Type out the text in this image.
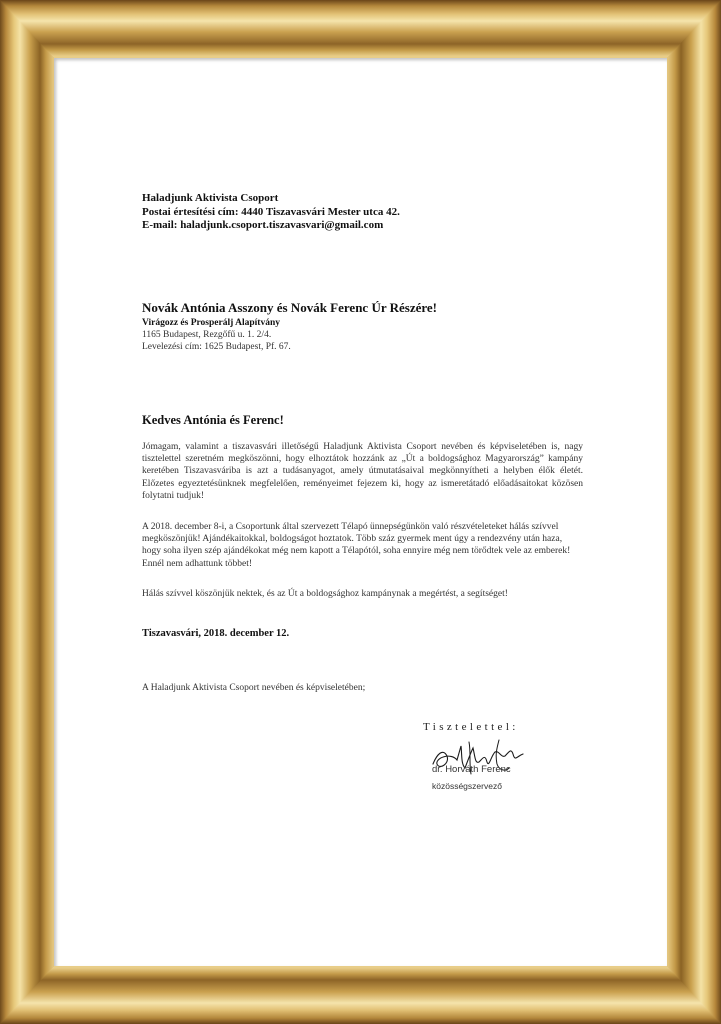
Haladjunk Aktivista Csoport
Postai értesítési cím: 4440 Tiszavasvári Mester utca 42.
E-mail: haladjunk.csoport.tiszavasvari@gmail.com
Novák Antónia Asszony és Novák Ferenc Úr Részére!
Virágozz és Prosperálj Alapítvány
1165 Budapest, Rezgőfű u. 1. 2/4.
Levelezési cím: 1625 Budapest, Pf. 67.
Kedves Antónia és Ferenc!
Jómagam, valamint a tiszavasvári illetőségű Haladjunk Aktivista Csoport nevében és képviseletében is, nagy tisztelettel szeretném megköszönni, hogy elhoztátok hozzánk az „Út a boldogsághoz Magyarország” kampány keretében Tiszavasváriba is azt a tudásanyagot, amely útmutatásaival megkönnyítheti a helyben élők életét. Előzetes egyeztetésünknek megfelelően, reményeimet fejezem ki, hogy az ismeretátadó előadásaitokat közösen folytatni tudjuk!
A 2018. december 8-i, a Csoportunk által szervezett Télapó ünnepségünkön való részvételeteket hálás szívvel megköszönjük! Ajándékaitokkal, boldogságot hoztatok. Több száz gyermek ment úgy a rendezvény után haza, hogy soha ilyen szép ajándékokat még nem kapott a Télapótól, soha ennyire még nem törődtek vele az emberek! Ennél nem adhattunk többet!
Hálás szívvel köszönjük nektek, és az Út a boldogsághoz kampánynak a megértést, a segítséget!
Tiszavasvári, 2018. december 12.
A Haladjunk Aktivista Csoport nevében és képviseletében;
Tisztelettel:
dr. Horváth Ferenc
közösségszervező
